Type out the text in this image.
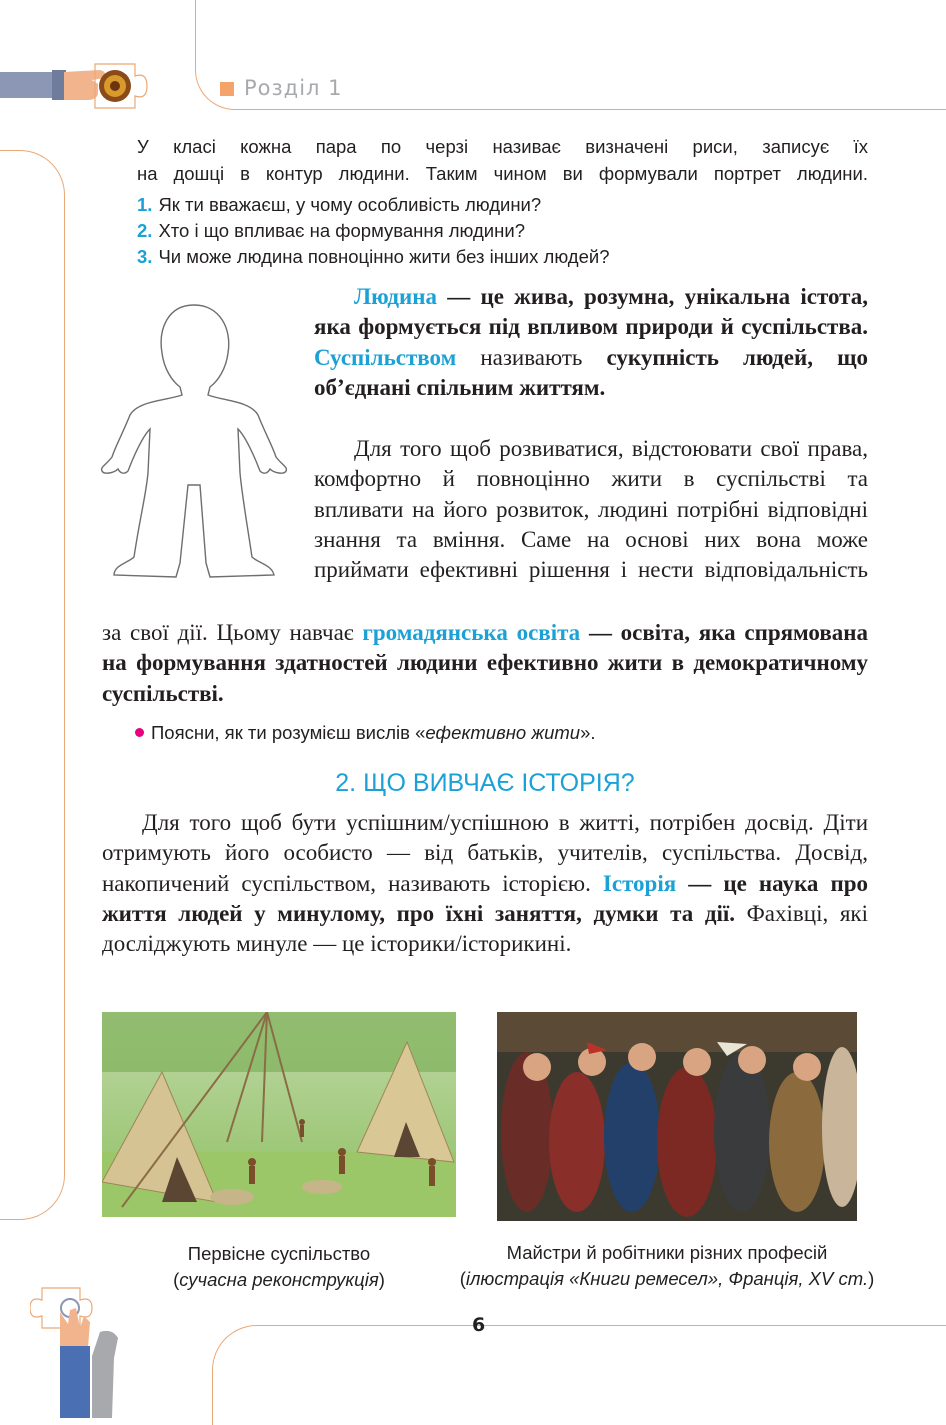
Розділ 1
У класі кожна пара по черзі називає визначені риси, записує їх
на дошці в контур людини. Таким чином ви формували портрет людини.
1. Як ти вважаєш, у чому особливість людини?
2. Хто і що впливає на формування людини?
3. Чи може людина повноцінно жити без інших людей?
Людина — це жива, розумна, унікальна істота, яка формується під впливом природи й суспільства. Суспільством називають сукупність людей, що об’єднані спільним життям.
Для того щоб розвиватися, відстоювати свої права, комфортно й повноцінно жити в суспільстві та впливати на його розвиток, людині потрібні відповідні знання та вміння. Саме на основі них вона може приймати ефективні рішення і нести відповідальність
за свої дії. Цьому навчає громадянська освіта — освіта, яка спрямована на формування здатностей людини ефективно жити в демократичному суспільстві.
Поясни, як ти розумієш вислів «ефективно жити».
2. ЩО ВИВЧАЄ ІСТОРІЯ?
Для того щоб бути успішним/успішною в житті, потрібен досвід. Діти отримують його особисто — від батьків, учителів, суспільства. Досвід, накопичений суспільством, називають історією. Історія — це наука про життя людей у минулому, про їхні заняття, думки та дії. Фахівці, які досліджують минуле — це історики/історикині.
Первісне суспільство
(сучасна реконструкція)
Майстри й робітники різних професій
(ілюстрація «Книги ремесел», Франція, XV ст.)
6
